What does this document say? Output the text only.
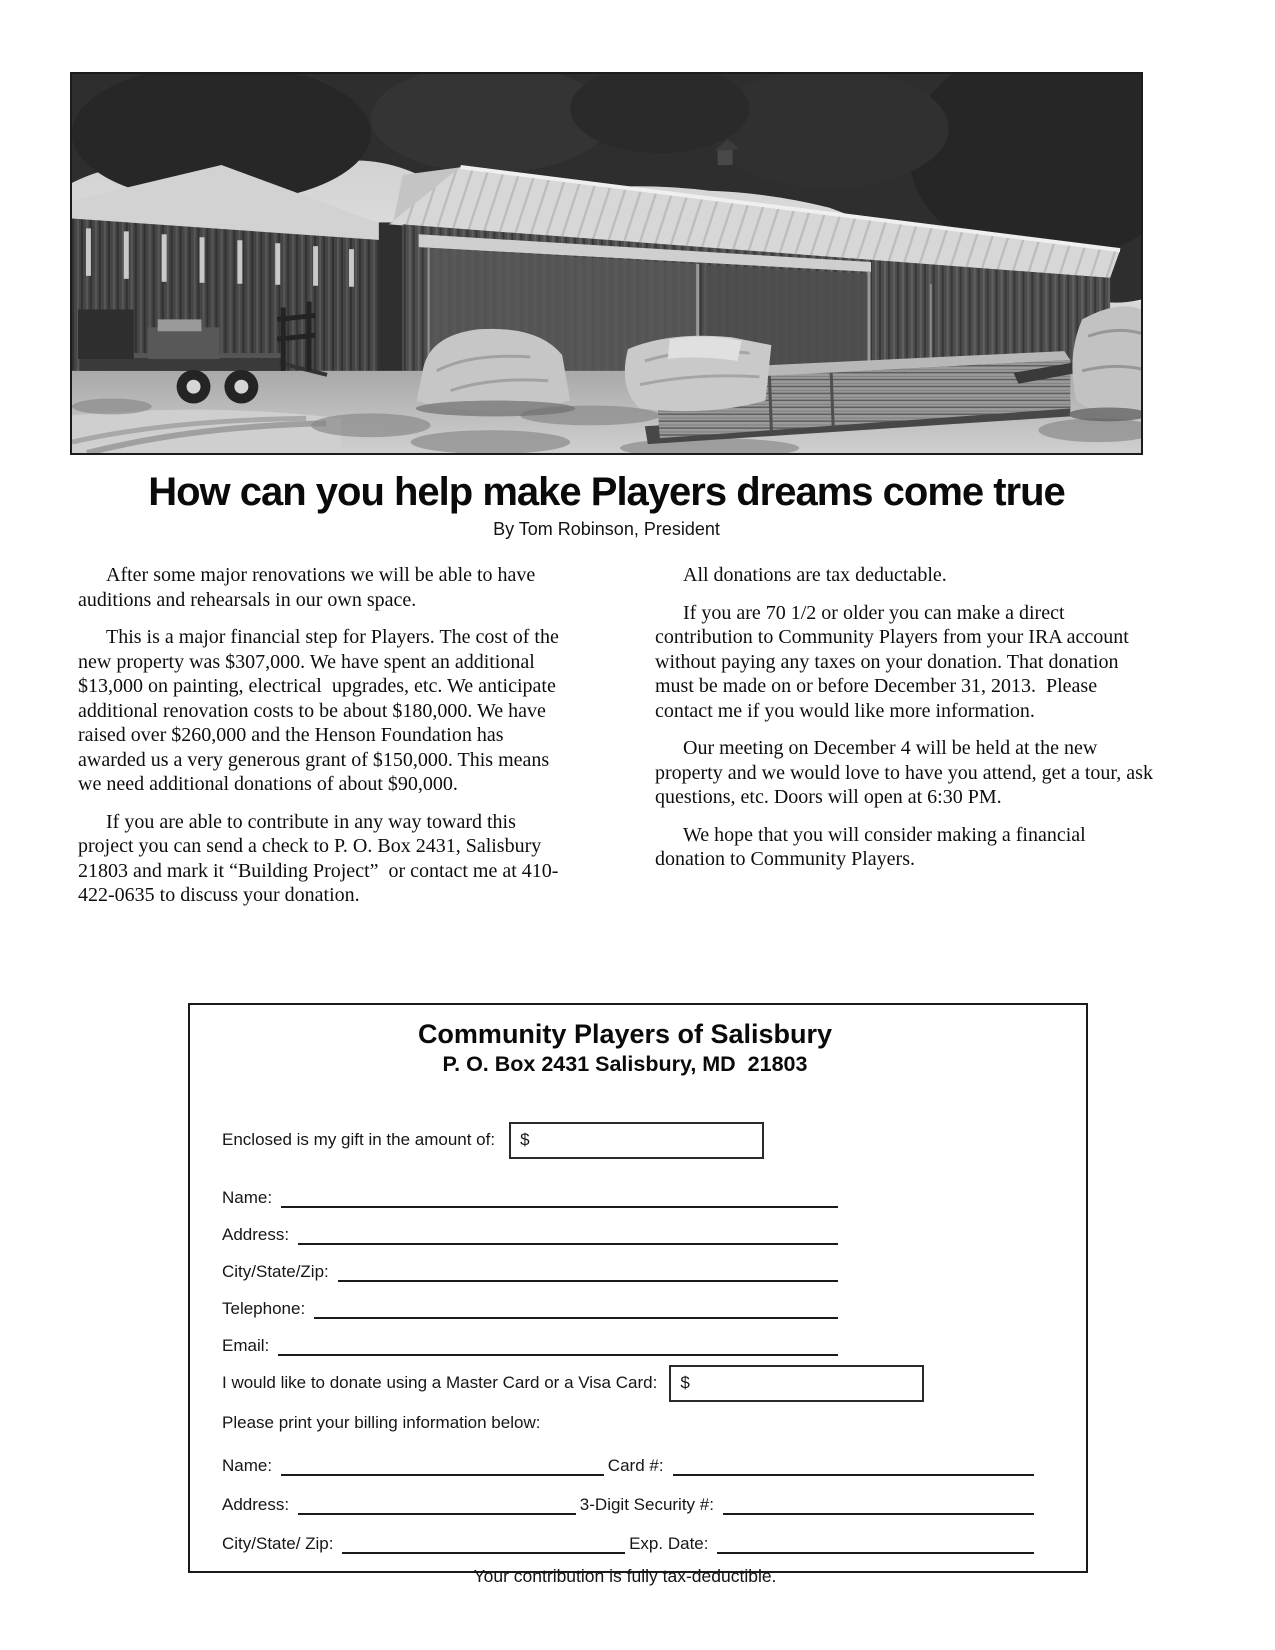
How can you help make Players dreams come true
By Tom Robinson, President

After some major renovations we will be able to have auditions and rehearsals in our own space.

This is a major financial step for Players. The cost of the new property was $307,000. We have spent an additional  $13,000 on painting, electrical  upgrades, etc. We anticipate additional renovation costs to be about $180,000. We have raised over $260,000 and the Henson Foundation has awarded us a very generous grant of $150,000. This means we need additional donations of about $90,000.

If you are able to contribute in any way toward this project you can send a check to P. O. Box 2431, Salisbury 21803 and mark it “Building Project”  or contact me at 410-422-0635 to discuss your donation.

All donations are tax deductable.

If you are 70 1/2 or older you can make a direct contribution to Community Players from your IRA account without paying any taxes on your donation. That donation must be made on or before December 31, 2013.  Please contact me if you would like more information.

Our meeting on December 4 will be held at the new property and we would love to have you attend, get a tour, ask questions, etc. Doors will open at 6:30 PM.

We hope that you will consider making a financial donation to Community Players.

Community Players of Salisbury
P. O. Box 2431 Salisbury, MD  21803
Enclosed is my gift in the amount of: $
Name:
Address:
City/State/Zip:
Telephone:
Email:
I would like to donate using a Master Card or a Visa Card: $
Please print your billing information below:
Name:	Card #:
Address:	3-Digit Security #:
City/State/ Zip:	Exp. Date:
Your contribution is fully tax-deductible.
